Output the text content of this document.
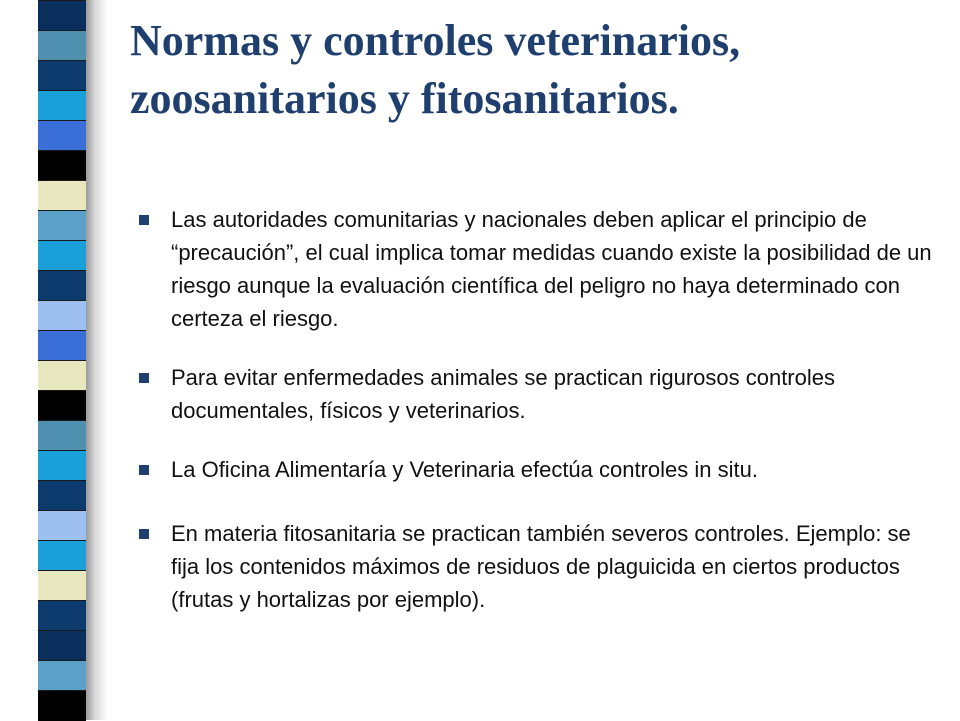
Normas y controles veterinarios, zoosanitarios y fitosanitarios.
Las autoridades comunitarias y nacionales deben aplicar el principio de “precaución”, el cual implica tomar medidas cuando existe la posibilidad de un riesgo aunque la evaluación científica del peligro no haya determinado con certeza el riesgo.
Para evitar enfermedades animales se practican rigurosos controles documentales, físicos y veterinarios.
La Oficina Alimentaría y Veterinaria efectúa controles in situ.
En materia fitosanitaria se practican también severos controles. Ejemplo: se fija los contenidos máximos de residuos de plaguicida en ciertos productos (frutas y hortalizas por ejemplo).
